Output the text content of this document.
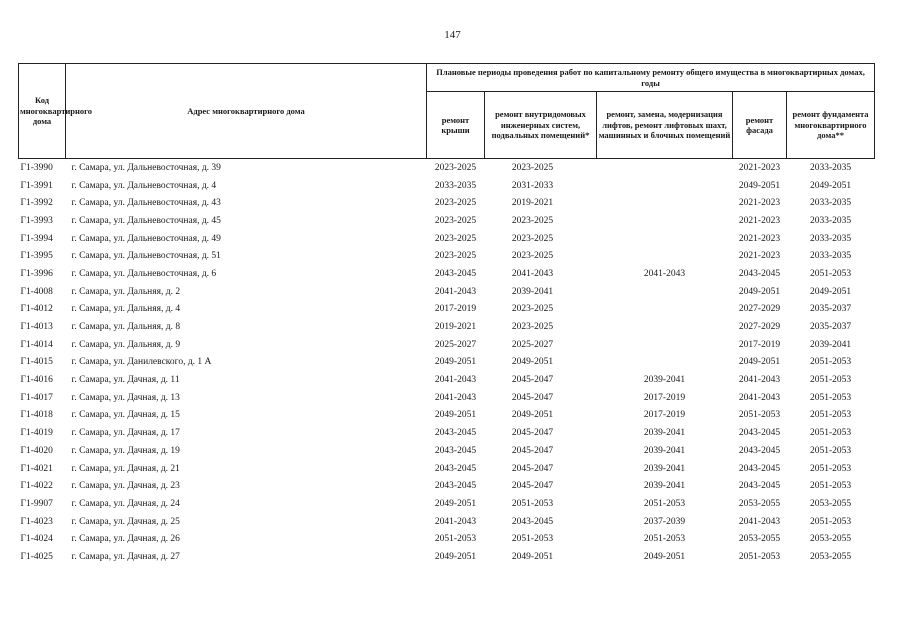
147
Код многоквартирного дома	Адрес многоквартирного дома	Плановые периоды проведения работ по капитальному ремонту общего имущества в многоквартирных домах, годы				
		ремонт крыши	ремонт внутридомовых инженерных систем, подвальных помещений*	ремонт, замена, модернизация лифтов, ремонт лифтовых шахт, машинных и блочных помещений	ремонт фасада	ремонт фундамента многоквартирного дома**
Г1-3990	г. Самара, ул. Дальневосточная, д. 39	2023-2025	2023-2025		2021-2023	2033-2035
Г1-3991	г. Самара, ул. Дальневосточная, д. 4	2033-2035	2031-2033		2049-2051	2049-2051
Г1-3992	г. Самара, ул. Дальневосточная, д. 43	2023-2025	2019-2021		2021-2023	2033-2035
Г1-3993	г. Самара, ул. Дальневосточная, д. 45	2023-2025	2023-2025		2021-2023	2033-2035
Г1-3994	г. Самара, ул. Дальневосточная, д. 49	2023-2025	2023-2025		2021-2023	2033-2035
Г1-3995	г. Самара, ул. Дальневосточная, д. 51	2023-2025	2023-2025		2021-2023	2033-2035
Г1-3996	г. Самара, ул. Дальневосточная, д. 6	2043-2045	2041-2043	2041-2043	2043-2045	2051-2053
Г1-4008	г. Самара, ул. Дальняя, д. 2	2041-2043	2039-2041		2049-2051	2049-2051
Г1-4012	г. Самара, ул. Дальняя, д. 4	2017-2019	2023-2025		2027-2029	2035-2037
Г1-4013	г. Самара, ул. Дальняя, д. 8	2019-2021	2023-2025		2027-2029	2035-2037
Г1-4014	г. Самара, ул. Дальняя, д. 9	2025-2027	2025-2027		2017-2019	2039-2041
Г1-4015	г. Самара, ул. Данилевского, д. 1 А	2049-2051	2049-2051		2049-2051	2051-2053
Г1-4016	г. Самара, ул. Дачная, д. 11	2041-2043	2045-2047	2039-2041	2041-2043	2051-2053
Г1-4017	г. Самара, ул. Дачная, д. 13	2041-2043	2045-2047	2017-2019	2041-2043	2051-2053
Г1-4018	г. Самара, ул. Дачная, д. 15	2049-2051	2049-2051	2017-2019	2051-2053	2051-2053
Г1-4019	г. Самара, ул. Дачная, д. 17	2043-2045	2045-2047	2039-2041	2043-2045	2051-2053
Г1-4020	г. Самара, ул. Дачная, д. 19	2043-2045	2045-2047	2039-2041	2043-2045	2051-2053
Г1-4021	г. Самара, ул. Дачная, д. 21	2043-2045	2045-2047	2039-2041	2043-2045	2051-2053
Г1-4022	г. Самара, ул. Дачная, д. 23	2043-2045	2045-2047	2039-2041	2043-2045	2051-2053
Г1-9907	г. Самара, ул. Дачная, д. 24	2049-2051	2051-2053	2051-2053	2053-2055	2053-2055
Г1-4023	г. Самара, ул. Дачная, д. 25	2041-2043	2043-2045	2037-2039	2041-2043	2051-2053
Г1-4024	г. Самара, ул. Дачная, д. 26	2051-2053	2051-2053	2051-2053	2053-2055	2053-2055
Г1-4025	г. Самара, ул. Дачная, д. 27	2049-2051	2049-2051	2049-2051	2051-2053	2053-2055
